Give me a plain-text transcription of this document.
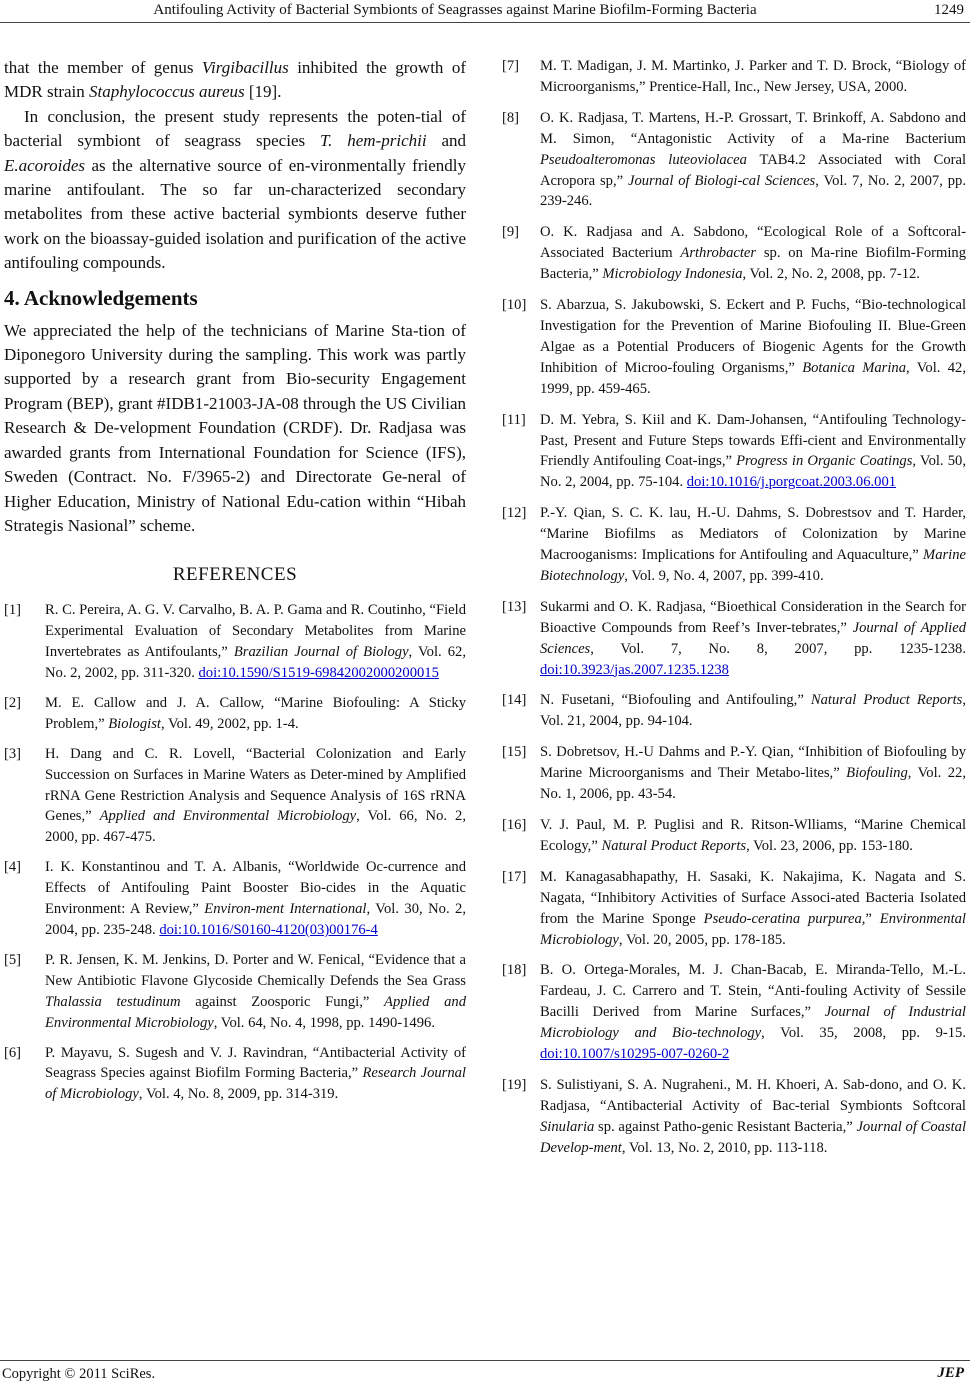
Antifouling Activity of Bacterial Symbionts of Seagrasses against Marine Biofilm-Forming Bacteria	1249

that the member of genus Virgibacillus inhibited the growth of MDR strain Staphylococcus aureus [19].

In conclusion, the present study represents the poten-tial of bacterial symbiont of seagrass species T. hem-prichii and E.acoroides as the alternative source of en-vironmentally friendly marine antifoulant. The so far un-characterized secondary metabolites from these active bacterial symbionts deserve futher work on the bioassay-guided isolation and purification of the active antifouling compounds.

4. Acknowledgements

We appreciated the help of the technicians of Marine Sta-tion of Diponegoro University during the sampling. This work was partly supported by a research grant from Bio-security Engagement Program (BEP), grant #IDB1-21003-JA-08 through the US Civilian Research & De-velopment Foundation (CRDF). Dr. Radjasa was awarded grants from International Foundation for Science (IFS), Sweden (Contract. No. F/3965-2) and Directorate Ge-neral of Higher Education, Ministry of National Edu-cation within “Hibah Strategis Nasional” scheme.

REFERENCES
[1] R. C. Pereira, A. G. V. Carvalho, B. A. P. Gama and R. Coutinho, “Field Experimental Evaluation of Secondary Metabolites from Marine Invertebrates as Antifoulants,” Brazilian Journal of Biology, Vol. 62, No. 2, 2002, pp. 311-320. doi:10.1590/S1519-69842002000200015
[2] M. E. Callow and J. A. Callow, “Marine Biofouling: A Sticky Problem,” Biologist, Vol. 49, 2002, pp. 1-4.
[3] H. Dang and C. R. Lovell, “Bacterial Colonization and Early Succession on Surfaces in Marine Waters as Deter-mined by Amplified rRNA Gene Restriction Analysis and Sequence Analysis of 16S rRNA Genes,” Applied and Environmental Microbiology, Vol. 66, No. 2, 2000, pp. 467-475.
[4] I. K. Konstantinou and T. A. Albanis, “Worldwide Oc-currence and Effects of Antifouling Paint Booster Bio-cides in the Aquatic Environment: A Review,” Environ-ment International, Vol. 30, No. 2, 2004, pp. 235-248. doi:10.1016/S0160-4120(03)00176-4
[5] P. R. Jensen, K. M. Jenkins, D. Porter and W. Fenical, “Evidence that a New Antibiotic Flavone Glycoside Chemically Defends the Sea Grass Thalassia testudinum against Zoosporic Fungi,” Applied and Environmental Microbiology, Vol. 64, No. 4, 1998, pp. 1490-1496.
[6] P. Mayavu, S. Sugesh and V. J. Ravindran, “Antibacterial Activity of Seagrass Species against Biofilm Forming Bacteria,” Research Journal of Microbiology, Vol. 4, No. 8, 2009, pp. 314-319.
[7] M. T. Madigan, J. M. Martinko, J. Parker and T. D. Brock, “Biology of Microorganisms,” Prentice-Hall, Inc., New Jersey, USA, 2000.
[8] O. K. Radjasa, T. Martens, H.-P. Grossart, T. Brinkoff, A. Sabdono and M. Simon, “Antagonistic Activity of a Ma-rine Bacterium Pseudoalteromonas luteoviolacea TAB4.2 Associated with Coral Acropora sp,” Journal of Biologi-cal Sciences, Vol. 7, No. 2, 2007, pp. 239-246.
[9] O. K. Radjasa and A. Sabdono, “Ecological Role of a Softcoral-Associated Bacterium Arthrobacter sp. on Ma-rine Biofilm-Forming Bacteria,” Microbiology Indonesia, Vol. 2, No. 2, 2008, pp. 7-12.
[10] S. Abarzua, S. Jakubowski, S. Eckert and P. Fuchs, “Bio-technological Investigation for the Prevention of Marine Biofouling II. Blue-Green Algae as a Potential Producers of Biogenic Agents for the Growth Inhibition of Microo-fouling Organisms,” Botanica Marina, Vol. 42, 1999, pp. 459-465.
[11] D. M. Yebra, S. Kiil and K. Dam-Johansen, “Antifouling Technology-Past, Present and Future Steps towards Effi-cient and Environmentally Friendly Antifouling Coat-ings,” Progress in Organic Coatings, Vol. 50, No. 2, 2004, pp. 75-104. doi:10.1016/j.porgcoat.2003.06.001
[12] P.-Y. Qian, S. C. K. lau, H.-U. Dahms, S. Dobrestsov and T. Harder, “Marine Biofilms as Mediators of Colonization by Marine Macrooganisms: Implications for Antifouling and Aquaculture,” Marine Biotechnology, Vol. 9, No. 4, 2007, pp. 399-410.
[13] Sukarmi and O. K. Radjasa, “Bioethical Consideration in the Search for Bioactive Compounds from Reef’s Inver-tebrates,” Journal of Applied Sciences, Vol. 7, No. 8, 2007, pp. 1235-1238. doi:10.3923/jas.2007.1235.1238
[14] N. Fusetani, “Biofouling and Antifouling,” Natural Product Reports, Vol. 21, 2004, pp. 94-104.
[15] S. Dobretsov, H.-U Dahms and P.-Y. Qian, “Inhibition of Biofouling by Marine Microorganisms and Their Metabo-lites,” Biofouling, Vol. 22, No. 1, 2006, pp. 43-54.
[16] V. J. Paul, M. P. Puglisi and R. Ritson-Wlliams, “Marine Chemical Ecology,” Natural Product Reports, Vol. 23, 2006, pp. 153-180.
[17] M. Kanagasabhapathy, H. Sasaki, K. Nakajima, K. Nagata and S. Nagata, “Inhibitory Activities of Surface Associ-ated Bacteria Isolated from the Marine Sponge Pseudo-ceratina purpurea,” Environmental Microbiology, Vol. 20, 2005, pp. 178-185.
[18] B. O. Ortega-Morales, M. J. Chan-Bacab, E. Miranda-Tello, M.-L. Fardeau, J. C. Carrero and T. Stein, “Anti-fouling Activity of Sessile Bacilli Derived from Marine Surfaces,” Journal of Industrial Microbiology and Bio-technology, Vol. 35, 2008, pp. 9-15. doi:10.1007/s10295-007-0260-2
[19] S. Sulistiyani, S. A. Nugraheni., M. H. Khoeri, A. Sab-dono, and O. K. Radjasa, “Antibacterial Activity of Bac-terial Symbionts Softcoral Sinularia sp. against Patho-genic Resistant Bacteria,” Journal of Coastal Develop-ment, Vol. 13, No. 2, 2010, pp. 113-118.
Copyright © 2011 SciRes.	JEP
